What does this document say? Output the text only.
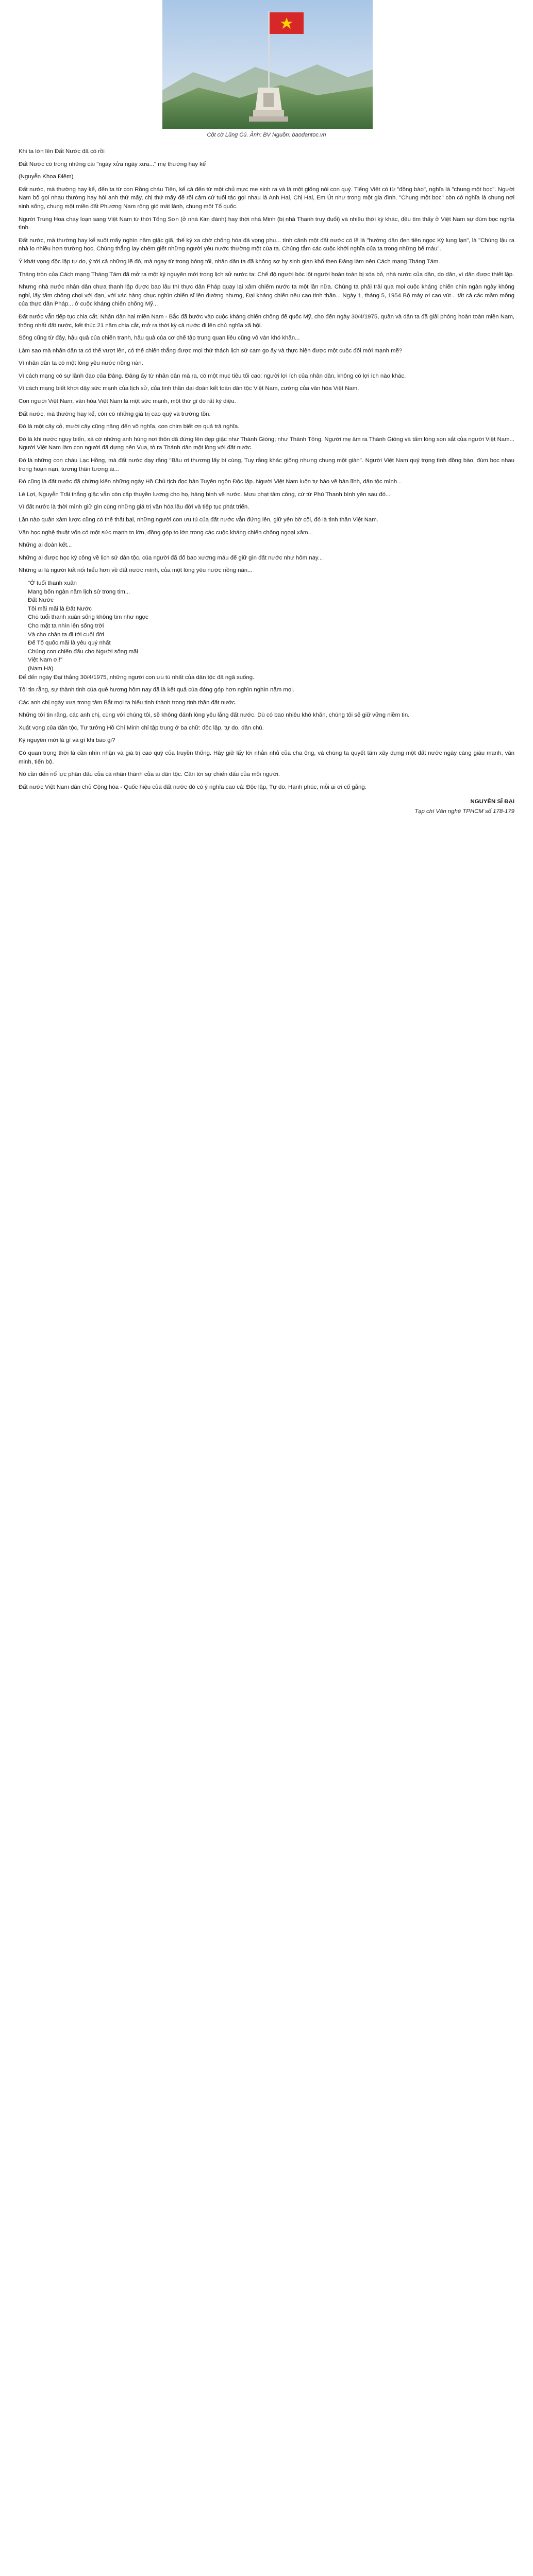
Cột cờ Lũng Cú. Ảnh: BV Nguồn: baodantoc.vn

Khi ta lớn lên Đất Nước đã có rồi

Đất Nước có trong những cái "ngày xửa ngày xưa..." mẹ thường hay kể

(Nguyễn Khoa Điềm)

Đất nước, mà thường hay kể, đến ta từ con Rồng cháu Tiên, kể cả đến từ một chủ mực me sinh ra và là một giống nòi con quý. Tiếng Việt có từ "đồng bào", nghĩa là "chung một bọc". Người Nam bộ gọi nhau thường hay hỏi anh thứ mấy, chị thứ mấy để rồi cảm cử tuổi tác gọi nhau là Anh Hai, Chị Hai, Em Út như trong một gia đình. "Chung một bọc" còn có nghĩa là chung nơi sinh sống, chung một miền đất Phương Nam rộng gió mát lành, chung một Tổ quốc.

Người Trung Hoa chạy loạn sang Việt Nam từ thời Tống Sơn (ở nhà Kim đánh) hay thời nhà Minh (bị nhà Thanh truy đuổi) và nhiều thời kỳ khác, đều tìm thấy ở Việt Nam sự đùm bọc nghĩa tình.

Đất nước, mà thường hay kể suốt mấy nghìn năm giặc giã, thế kỷ xa chờ chống hóa đá vọng phu... tính cảnh một đất nước có lẽ là "hường dân đen tiên ngọc Kỳ lung lạn", là "Chúng lậu ra nhà lo nhiều hơn trường học, Chúng thắng lay chém giết những người yêu nước thường một của ta. Chúng tắm các cuộc khởi nghĩa của ta trong những bể máu".

Ý khát vọng độc lập tự do, ý tới cả những lẽ đó, mà ngay từ trong bóng tối, nhân dân ta đã không sợ hy sinh gian khổ theo Đảng làm nên Cách mạng Tháng Tám.

Tháng tròn của Cách mạng Tháng Tám đã mở ra một kỷ nguyên mới trong lịch sử nước ta: Chế độ người bóc lột người hoàn toàn bị xóa bỏ, nhà nước của dân, do dân, vì dân được thiết lập.

Nhưng nhà nước nhân dân chưa thanh lập được bao lâu thì thực dân Pháp quay lại xâm chiếm nước ta một lần nữa. Chúng ta phải trải qua mọi cuộc kháng chiến chín ngàn ngày không nghỉ, lấy tấm chông chọi với đạn, với xác hàng chục nghìn chiến sĩ lên đường nhưng, Đại kháng chiến nêu cao tinh thần... Ngày 1, tháng 5, 1954 Bộ máy ơi cao vút... tất cả các mầm mống của thực dân Pháp... ở cuộc kháng chiến chống Mỹ...

Đất nước vẫn tiếp tục chia cắt. Nhân dân hai miền Nam - Bắc đã bước vào cuộc kháng chiến chống đế quốc Mỹ, cho đến ngày 30/4/1975, quân và dân ta đã giải phóng hoàn toàn miền Nam, thống nhất đất nước, kết thúc 21 năm chia cắt, mở ra thời kỳ cả nước đi lên chủ nghĩa xã hội.

Sống cũng từ đây, hậu quả của chiến tranh, hậu quả của cơ chế tập trung quan liêu cũng vô vàn khó khăn...

Làm sao mà nhân dân ta có thể vượt lên, có thể chiến thắng được mọi thử thách lịch sử cam go ấy và thực hiện được một cuộc đổi mới mạnh mẽ?

Vì nhân dân ta có một lòng yêu nước nồng nàn.

Vì cách mạng có sự lãnh đạo của Đảng. Đảng ấy từ nhân dân mà ra, có một mục tiêu tối cao: người lợi ích của nhân dân, không có lợi ích nào khác.

Vì cách mạng biết khơi dậy sức mạnh của lịch sử, của tinh thần dại đoàn kết toàn dân tộc Việt Nam, cường của văn hóa Việt Nam.

Con người Việt Nam, văn hóa Việt Nam là một sức mạnh, một thứ gì đó rất kỳ diệu.

Đất nước, mà thường hay kể, còn có những giá trị cao quý và trường tồn.

Đó là một cây cỏ, mười cây cũng nặng đến vô nghĩa, con chim biết ơn quả trả nghĩa.

Đó là khi nước nguy biến, xả cờ những anh hùng nơi thôn dã đứng lên dẹp giặc như Thánh Gióng; như Thánh Tông. Người mẹ âm ra Thánh Gióng và tấm lòng son sắt của người Việt Nam... Người Việt Nam làm con người đã dựng nên Vua, tỏ ra Thánh dân một lòng với đất nước.

Đó là những con cháu Lạc Hồng, mà đất nước dạy rằng "Bầu ơi thương lấy bí cùng, Tuy rằng khác giống nhưng chung một giàn". Người Việt Nam quý trọng tình đồng bào, đùm bọc nhau trong hoạn nạn, tương thân tương ái...

Đó cũng là đất nước đã chứng kiến những ngày Hồ Chủ tịch đọc bản Tuyên ngôn Độc lập. Người Việt Nam luôn tự hào về bản lĩnh, dân tộc mình...

Lê Lợi, Nguyễn Trãi thắng giặc vẫn còn cấp thuyền lương cho họ, hàng binh về nước. Mưu phạt tâm công, cứ từ Phú Thanh bình yên sau đó...

Vì đất nước là thời mình giữ gìn cùng những giá trị văn hóa lâu đời và tiếp tục phát triển.

Lần nào quân xâm lược cũng có thể thất bại, những người con ưu tú của đất nước vẫn đứng lên, giữ yên bờ cõi, đó là tinh thần Việt Nam.

Văn học nghệ thuật vốn có một sức mạnh to lớn, đồng góp to lớn trong các cuộc kháng chiến chống ngoại xâm...

Những ai đoàn kết...

Những ai được học kỳ công về lịch sử dân tộc, của người đã đổ bao xương máu để giữ gìn đất nước như hôm nay...

Những ai là người kết nối hiểu hơn về đất nước mình, của một lòng yêu nước nồng nàn...

"Ở tuổi thanh xuân

Mang bốn ngàn năm lịch sử trong tim...

Đất Nước

Tôi mãi mãi là Đất Nước

Chú tuổi thanh xuân sống không tim như ngọc

Cho mặt ta nhìn lên sống trời

Và cho chân ta đi tới cuối đời

Để Tổ quốc mãi là yêu quý nhất

Chúng con chiến đấu cho Người sống mãi

Việt Nam ơi!"

(Nam Hà)

Để đến ngày Đại thắng 30/4/1975, những người con ưu tú nhất của dân tộc đã ngã xuống.

Tôi tin rằng, sự thành tinh của quê hương hôm nay đã là kết quả của đóng góp hơn nghìn nghìn năm mọi.

Các anh chị ngày xưa trong tâm Bắt mọi ta hiểu tinh thành trong tinh thần đất nước.

Những tới tin răng, các anh chị, cùng với chúng tôi, sẽ không đánh lòng yêu lắng đất nước. Dù có bao nhiêu khó khăn, chúng tôi sẽ giữ vững niềm tin.

Xuất vọng của dân tộc, Tư tưởng Hồ Chí Minh chỉ tập trung ở ba chữ: độc lập, tự do, dân chủ.

Kỷ nguyên mới là gì và gì khi bao gi?

Có quan trọng thời là cần nhìn nhận và giá trị cao quý của truyền thống. Hãy giữ lấy lời nhắn nhủ của cha ông, và chúng ta quyết tâm xây dựng một đất nước ngày càng giàu mạnh, văn minh, tiến bộ.

Nó cần đến nổ lực phân đấu của cả nhân thành của ai dân tộc. Cần tới sự chiến đấu của mỗi người.

Đất nước Việt Nam dân chủ Cộng hòa - Quốc hiệu của đất nước đó có ý nghĩa cao cả: Độc lập, Tự do, Hạnh phúc, mỗi ai ơi cố gắng.

NGUYỄN SĨ ĐẠI

Tạp chí Văn nghệ TPHCM số 178-179
